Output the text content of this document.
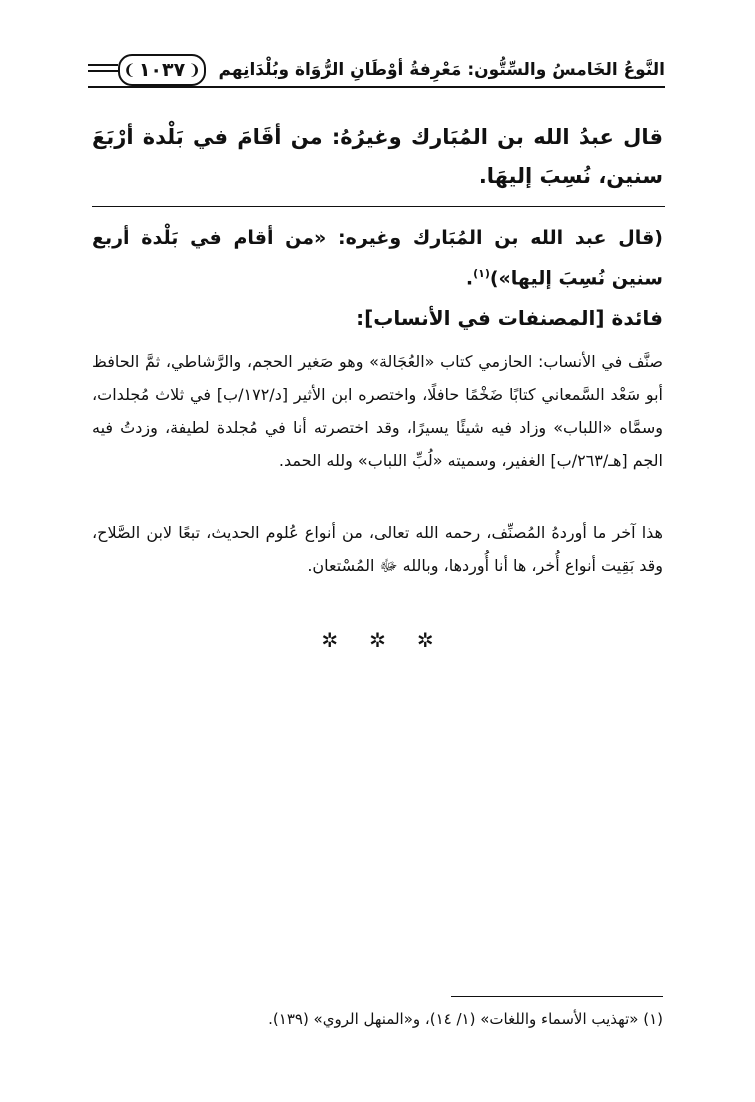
النَّوعُ الخَامسُ والسِّتُّون: مَعْرِفةُ أوْطَانِ الرُّوَاة وبُلْدَانِهم
❨
١٠٣٧
❩
قال عبدُ الله بن المُبَارك وغيرُهُ: من أقَامَ في بَلْدة أرْبَعَ سنين، نُسِبَ إليهَا.
(قال عبد الله بن المُبَارك وغيره: «من أقام في بَلْدة أربع سنين نُسِبَ إليها»)$^{(١)}$.
فائدة [المصنفات في الأنساب]:
صنَّف في الأنساب: الحازمي كتاب «العُجَالة» وهو صَغير الحجم، والرَّشاطي، ثمَّ الحافظ أبو سَعْد السَّمعاني كتابًا ضَخْمًا حافلًا، واختصره ابن الأثير [د/١٧٢/ب] في ثلاث مُجلدات، وسمَّاه «اللباب» وزاد فيه شيئًا يسيرًا، وقد اختصرته أنا في مُجلدة لطيفة، وزدتُ فيه الجم [هـ/٢٦٣/ب] الغفير، وسميته «لُبِّ اللباب» ولله الحمد.
هذا آخر ما أوردهُ المُصنِّف، رحمه الله تعالى، من أنواع عُلوم الحديث، تبعًا لابن الصَّلاح، وقد بَقِيت أنواع أُخر، ها أنا أُوردها، وبالله ﷻ المُسْتعان.
✲ ✲ ✲
(١) «تهذيب الأسماء واللغات» (١/ ١٤)، و«المنهل الروي» (١٣٩).
